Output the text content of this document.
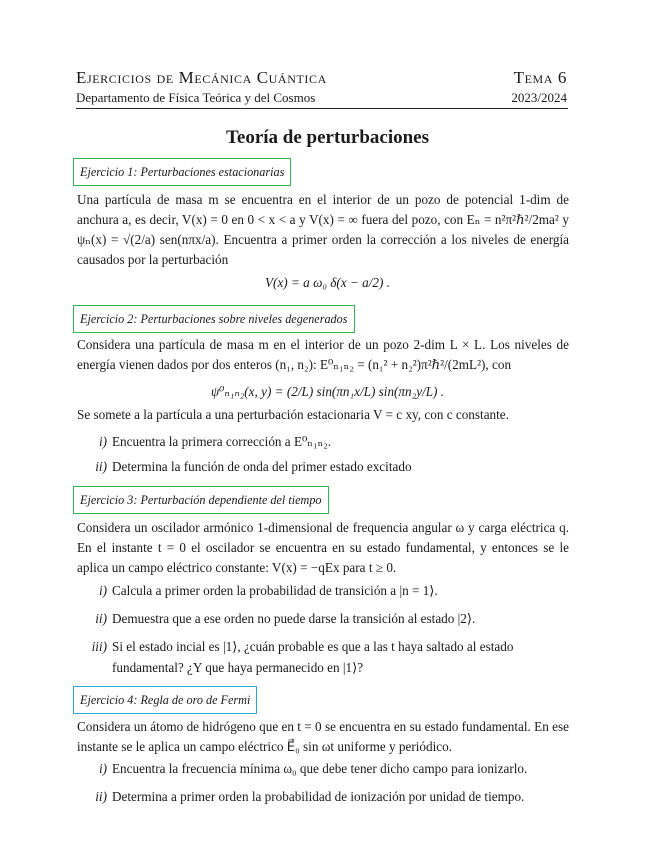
Ejercicios de Mecánica Cuántica
Departamento de Física Teórica y del Cosmos
Tema 6
2023/2024
Teoría de perturbaciones
Ejercicio 1: Perturbaciones estacionarias
Una partícula de masa m se encuentra en el interior de un pozo de potencial 1-dim de anchura a, es decir, V(x) = 0 en 0 < x < a y V(x) = ∞ fuera del pozo, con Eₙ = n²π²ℏ²/2ma² y ψₙ(x) = √(2/a) sen(nπx/a). Encuentra a primer orden la corrección a los niveles de energía causados por la perturbación
V(x) = a ω₀ δ(x − a/2) .
Ejercicio 2: Perturbaciones sobre niveles degenerados
Considera una partícula de masa m en el interior de un pozo 2-dim L × L. Los niveles de energía vienen dados por dos enteros (n₁, n₂): E⁰ₙ₁ₙ₂ = (n₁² + n₂²)π²ℏ²/(2mL²), con
ψ⁰ₙ₁ₙ₂(x, y) = (2/L) sin(πn₁x/L) sin(πn₂y/L) .
Se somete a la partícula a una perturbación estacionaria V = c xy, con c constante.
i) Encuentra la primera corrección a E⁰ₙ₁ₙ₂.
ii) Determina la función de onda del primer estado excitado
Ejercicio 3: Perturbación dependiente del tiempo
Considera un oscilador armónico 1-dimensional de frequencia angular ω y carga eléctrica q. En el instante t = 0 el oscilador se encuentra en su estado fundamental, y entonces se le aplica un campo eléctrico constante: V(x) = −qEx para t ≥ 0.
i) Calcula a primer orden la probabilidad de transición a |n = 1⟩.
ii) Demuestra que a ese orden no puede darse la transición al estado |2⟩.
iii) Si el estado incial es |1⟩, ¿cuán probable es que a las t haya saltado al estado fundamental? ¿Y que haya permanecido en |1⟩?
Ejercicio 4: Regla de oro de Fermi
Considera un átomo de hidrógeno que en t = 0 se encuentra en su estado fundamental. En ese instante se le aplica un campo eléctrico E⃗₀ sin ωt uniforme y periódico.
i) Encuentra la frecuencia mínima ω₀ que debe tener dicho campo para ionizarlo.
ii) Determina a primer orden la probabilidad de ionización por unidad de tiempo.
